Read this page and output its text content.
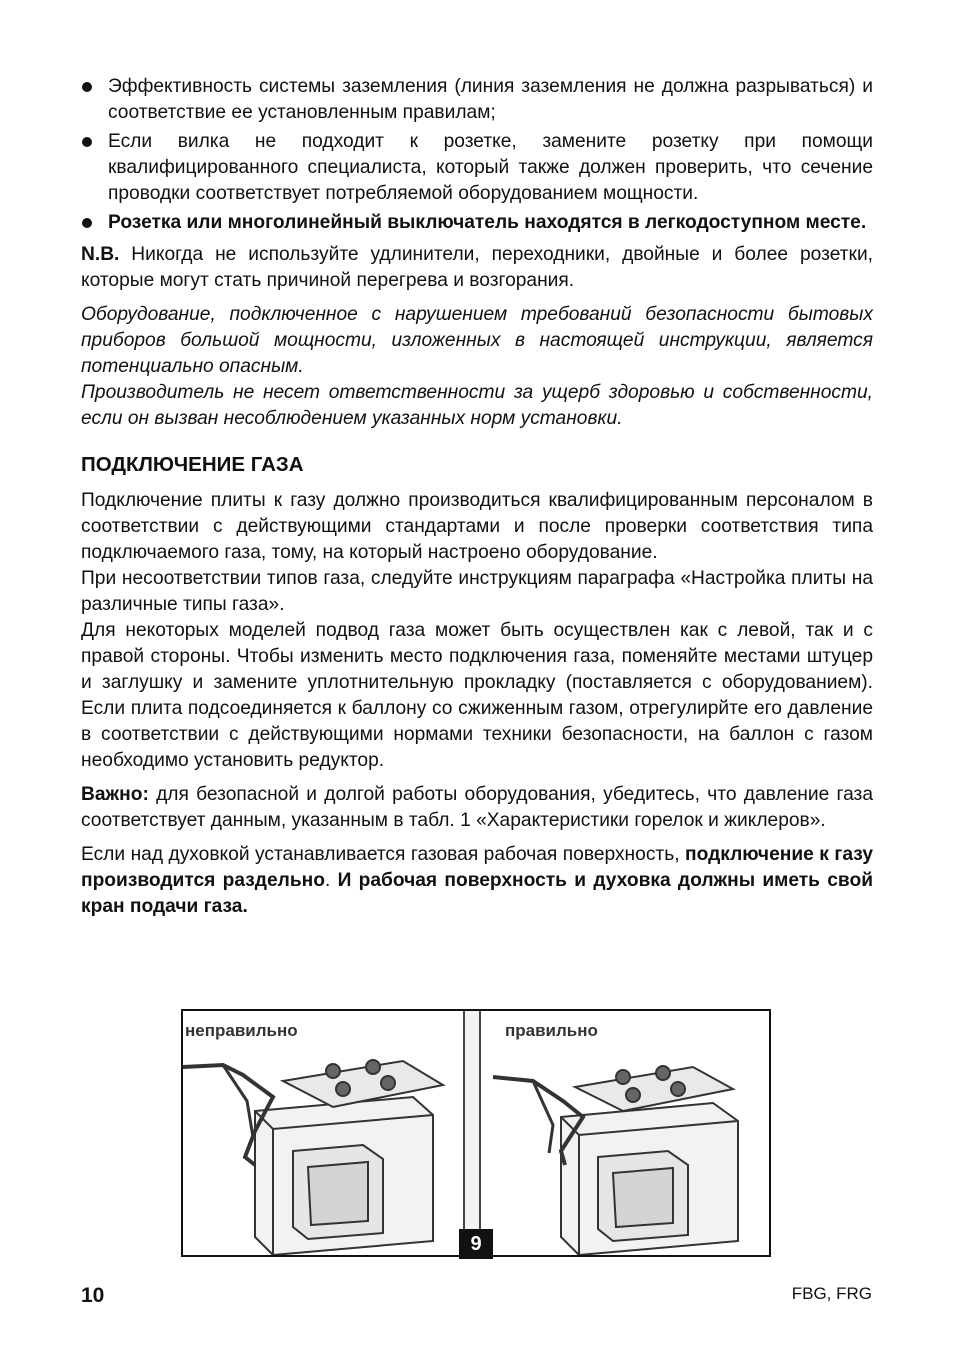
Эффективность системы заземления (линия заземления не должна разрываться) и соответствие ее установленным правилам;
Если вилка не подходит к розетке, замените розетку при помощи квалифицированного специалиста, который также должен проверить, что сечение проводки соответствует потребляемой оборудованием мощности.
Розетка или многолинейный выключатель находятся в легкодоступном месте.

N.B. Никогда не используйте удлинители, переходники, двойные и более розетки, которые могут стать причиной перегрева и возгорания.

Оборудование, подключенное с нарушением требований безопасности бытовых приборов большой мощности, изложенных в настоящей инструкции, является потенциально опасным.

Производитель не несет ответственности за ущерб здоровью и собственности, если он вызван несоблюдением указанных норм установки.

ПОДКЛЮЧЕНИЕ ГАЗА

Подключение плиты к газу должно производиться квалифицированным персоналом в соответствии с действующими стандартами и после проверки соответствия типа подключаемого газа, тому, на который настроено оборудование.

При несоответствии типов газа, следуйте инструкциям параграфа «Настройка плиты на различные типы газа».

Для некоторых моделей подвод газа может быть осуществлен как с левой, так и с правой стороны. Чтобы изменить место подключения газа, поменяйте местами штуцер и заглушку и замените уплотнительную прокладку (поставляется с оборудованием). Если плита подсоединяется к баллону со сжиженным газом, отрегулирйте его давление в соответствии с действующими нормами техники безопасности, на баллон с газом необходимо установить редуктор.

Важно: для безопасной и долгой работы оборудования, убедитесь, что давление газа соответствует данным, указанным в табл. 1 «Характеристики горелок и жиклеров».

Если над духовкой устанавливается газовая рабочая поверхность, подключение к газу производится раздельно. И рабочая поверхность и духовка должны иметь свой кран подачи газа.

неправильно	правильно
9
10	FBG, FRG
